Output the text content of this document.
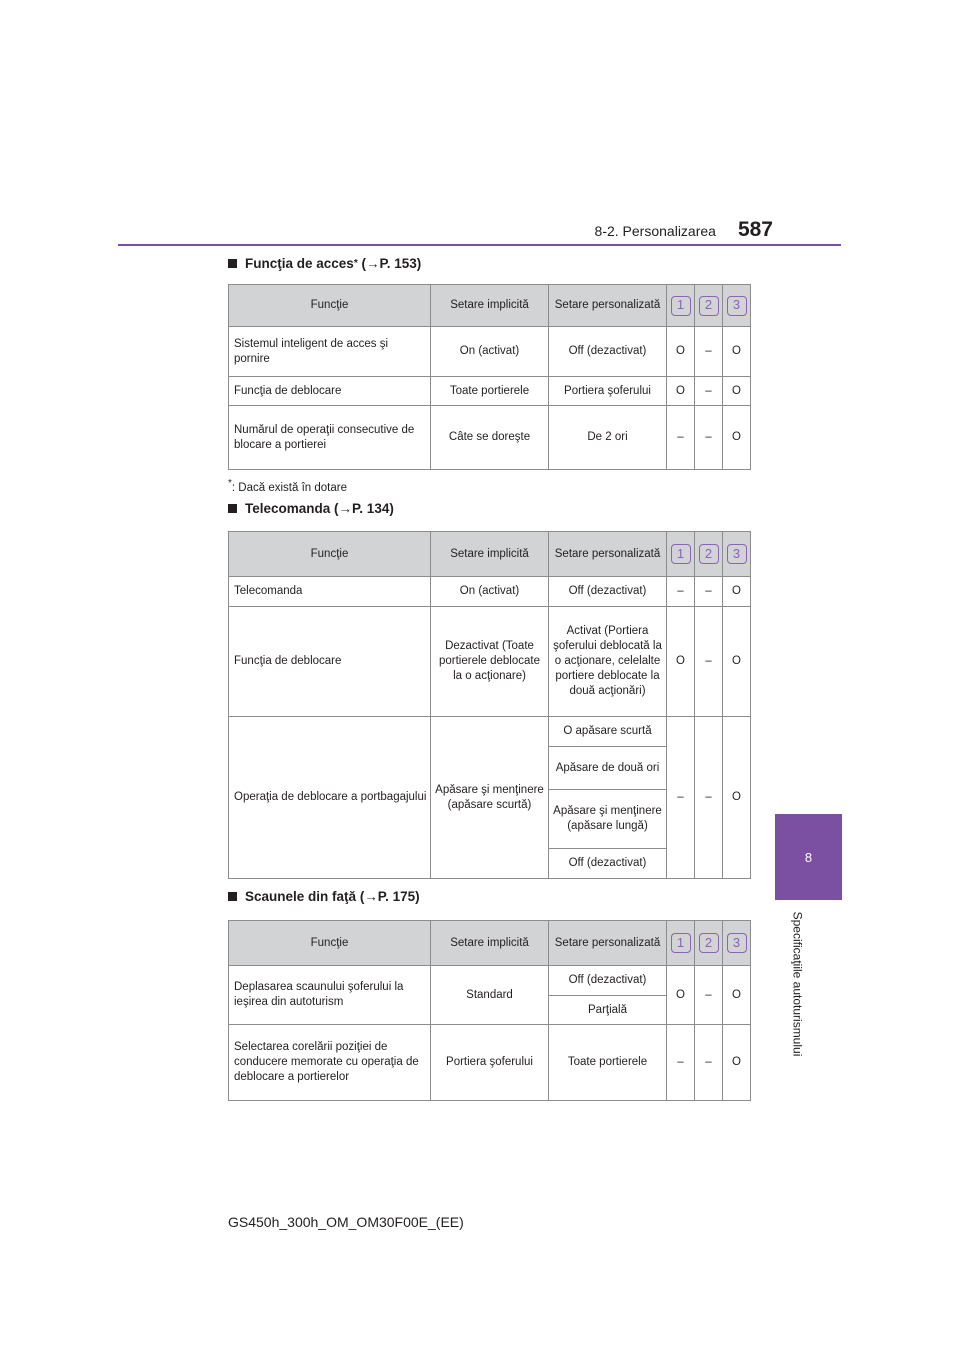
8-2. Personalizarea 587
8
Specificaţiile autoturismului
Funcţia de acces *
(→P. 153)
Funcţie	Setare implicită	Setare personalizată	1	2	3
Sistemul inteligent de acces şi pornire	On (activat)	Off (dezactivat)	O	–	O
Funcţia de deblocare	Toate portierele	Portiera şoferului	O	–	O
Numărul de operaţii consecutive de blocare a portierei	Câte se doreşte	De 2 ori	–	–	O
*: Dacă există în dotare
Telecomanda
(→P. 134)
Funcţie	Setare implicită	Setare personalizată	1	2	3
Telecomanda	On (activat)	Off (dezactivat)	–	–	O
Funcţia de deblocare	Dezactivat (Toate portierele deblocate la o acţionare)	Activat (Portiera şoferului deblocată la o acţionare, celelalte portiere deblocate la două acţionări)	O	–	O
Operaţia de deblocare a portbagajului	Apăsare şi menţinere (apăsare scurtă)	O apăsare scurtă	–	–	O
		Apăsare de două ori			
		Apăsare şi menţinere (apăsare lungă)			
		Off (dezactivat)			
Scaunele din faţă
(→P. 175)
Funcţie	Setare implicită	Setare personalizată	1	2	3
Deplasarea scaunului şoferului la ieşirea din autoturism	Standard	Off (dezactivat)	O	–	O
		Parţială			
Selectarea corelării poziţiei de conducere memorate cu operaţia de deblocare a portierelor	Portiera şoferului	Toate portierele	–	–	O
GS450h_300h_OM_OM30F00E_(EE)
